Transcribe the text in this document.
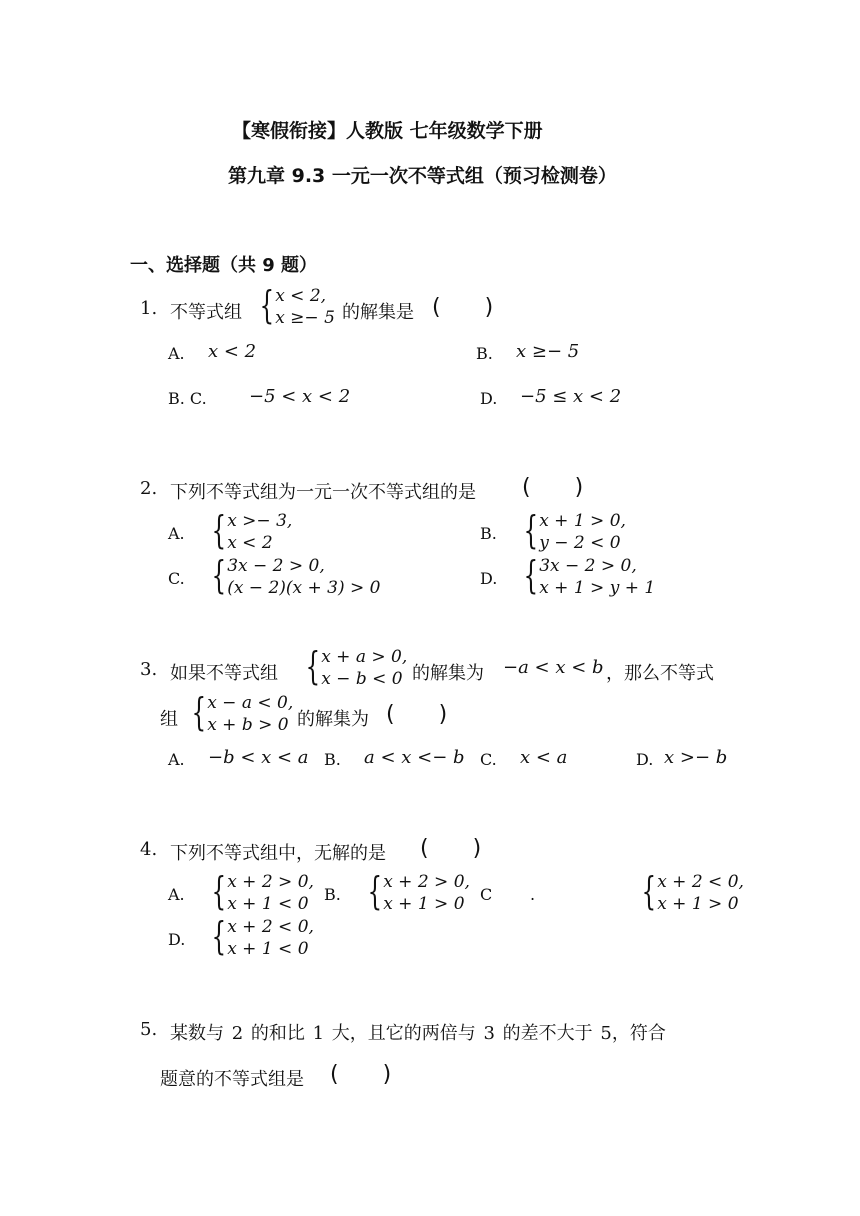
【寒假衔接】人教版 七年级数学下册
第九章 9.3 一元一次不等式组（预习检测卷）
一、选择题（共 9 题）
1. 不等式组 { x < 2,
x ≥− 5 的解集是 (  )
A. x < 2	B. x ≥− 5
B. C. −5 < x < 2	D. −5 ≤ x < 2
2. 下列不等式组为一元一次不等式组的是 (  )
A. { x >− 3,
x < 2	B. { x + 1 > 0,
y − 2 < 0
C. { 3x − 2 > 0,
(x − 2)(x + 3) > 0	D. { 3x − 2 > 0,
x + 1 > y + 1
3. 如果不等式组 { x + a > 0,
x − b < 0 的解集为 −a < x < b ，那么不等式
组 { x − a < 0,
x + b > 0 的解集为 (  )
A. −b < x < a B. a < x <− b C. x < a	D. x >− b
4. 下列不等式组中，无解的是 (  )
A. { x + 2 > 0,
x + 1 < 0 B. { x + 2 > 0,
x + 1 > 0 C .	{ x + 2 < 0,
x + 1 > 0
D. { x + 2 < 0,
x + 1 < 0
5. 某数与 2 的和比 1 大，且它的两倍与 3 的差不大于 5，符合
题意的不等式组是 (  )
